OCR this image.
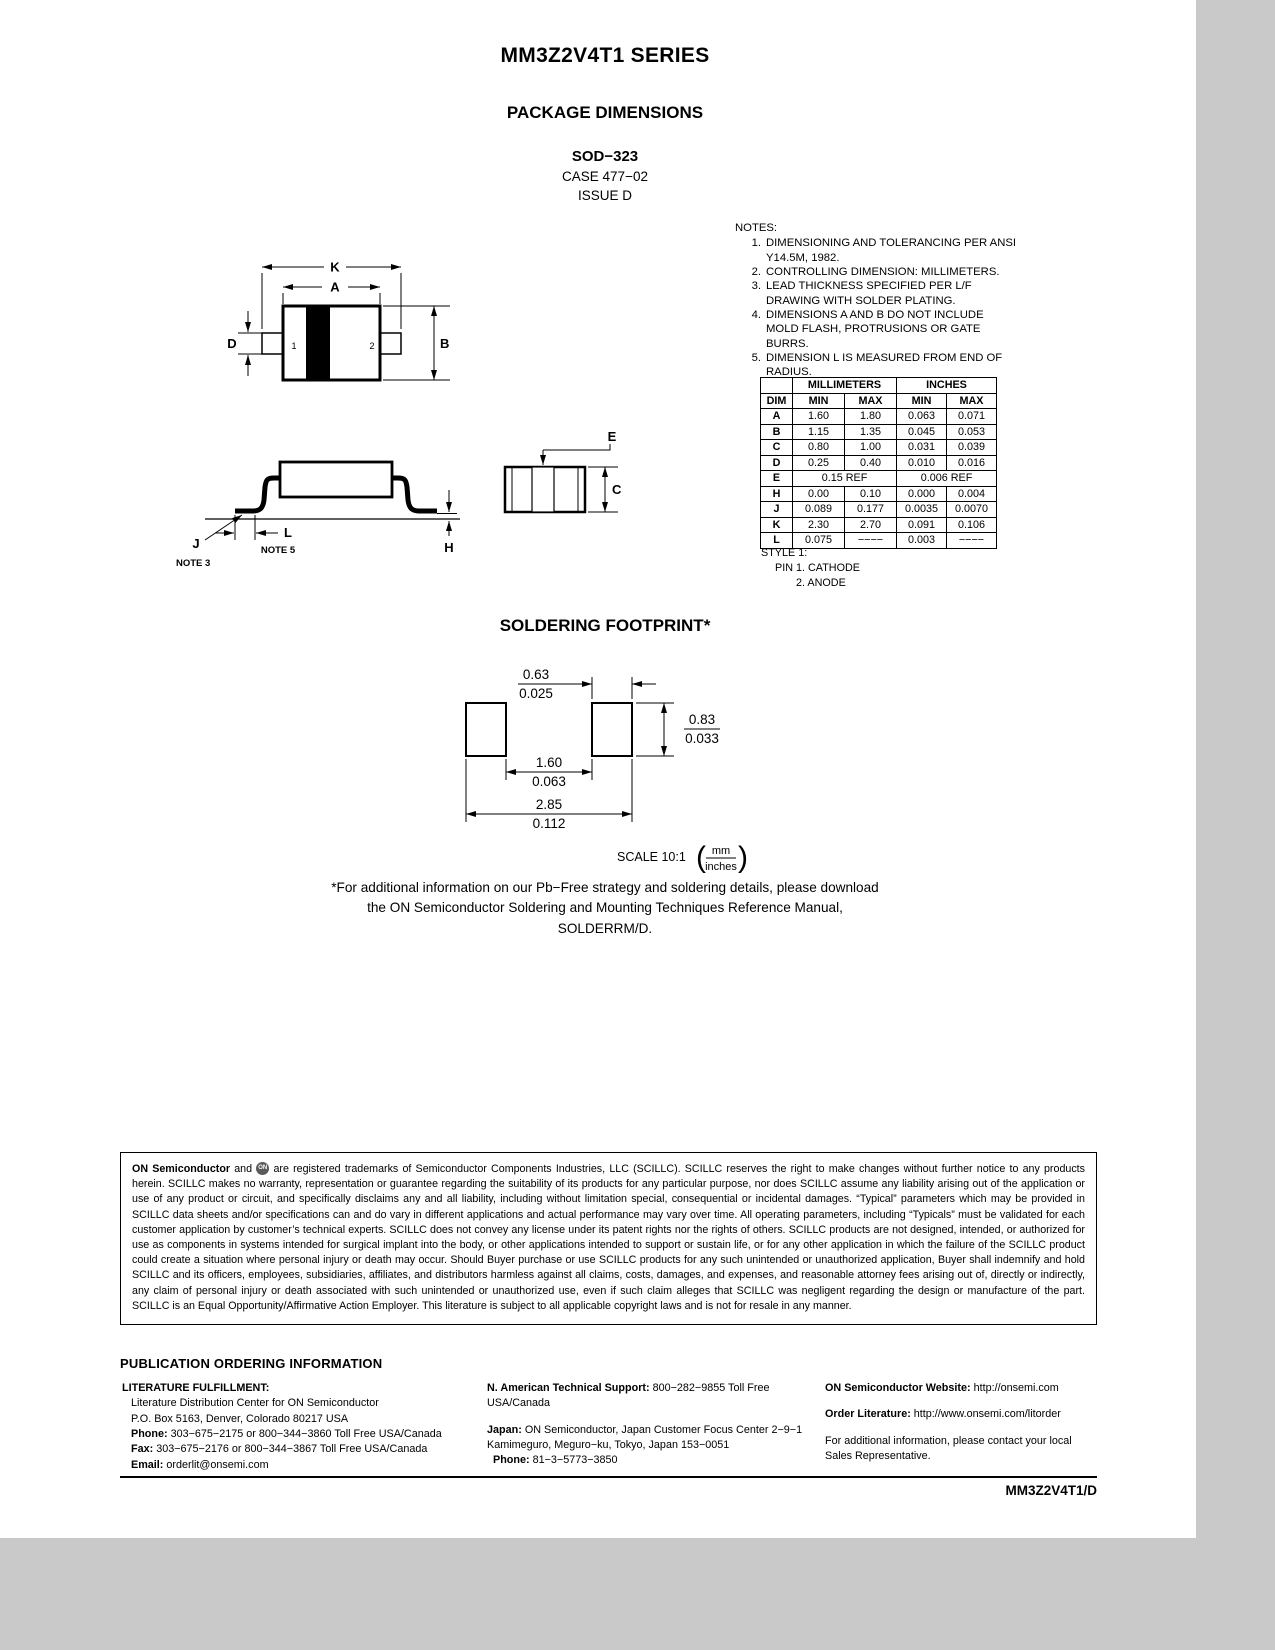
MM3Z2V4T1 SERIES
PACKAGE DIMENSIONS
SOD−323
CASE 477−02
ISSUE D
K
A
1	2
D	B
L
NOTE 5
J
NOTE 3
H
C
E
NOTES:
1. DIMENSIONING AND TOLERANCING PER ANSI Y14.5M, 1982.
2. CONTROLLING DIMENSION: MILLIMETERS.
3. LEAD THICKNESS SPECIFIED PER L/F DRAWING WITH SOLDER PLATING.
4. DIMENSIONS A AND B DO NOT INCLUDE MOLD FLASH, PROTRUSIONS OR GATE BURRS.
5. DIMENSION L IS MEASURED FROM END OF RADIUS.
	MILLIMETERS		INCHES	
DIM	MIN	MAX	MIN	MAX
A	1.60	1.80	0.063	0.071
B	1.15	1.35	0.045	0.053
C	0.80	1.00	0.031	0.039
D	0.25	0.40	0.010	0.016
E	0.15 REF		0.006 REF	
H	0.00	0.10	0.000	0.004
J	0.089	0.177	0.0035	0.0070
K	2.30	2.70	0.091	0.106
L	0.075	−−−−	0.003	−−−−
STYLE 1:
PIN 1. CATHODE
2. ANODE
SOLDERING FOOTPRINT*
0.63
0.025
0.83
0.033
1.60
0.063
2.85
0.112
SCALE 10:1 ( mm
inches )
*For additional information on our Pb−Free strategy and soldering details, please download the ON Semiconductor Soldering and Mounting Techniques Reference Manual, SOLDERRM/D.
ON Semiconductor and	ON are registered trademarks of Semiconductor Components Industries, LLC (SCILLC). SCILLC reserves the right to make changes without further notice to any products herein. SCILLC makes no warranty, representation or guarantee regarding the suitability of its products for any particular purpose, nor does SCILLC assume any liability arising out of the application or use of any product or circuit, and specifically disclaims any and all liability, including without limitation special, consequential or incidental damages. “Typical” parameters which may be provided in SCILLC data sheets and/or specifications can and do vary in different applications and actual performance may vary over time. All operating parameters, including “Typicals” must be validated for each customer application by customer’s technical experts. SCILLC does not convey any license under its patent rights nor the rights of others. SCILLC products are not designed, intended, or authorized for use as components in systems intended for surgical implant into the body, or other applications intended to support or sustain life, or for any other application in which the failure of the SCILLC product could create a situation where personal injury or death may occur. Should Buyer purchase or use SCILLC products for any such unintended or unauthorized application, Buyer shall indemnify and hold SCILLC and its officers, employees, subsidiaries, affiliates, and distributors harmless against all claims, costs, damages, and expenses, and reasonable attorney fees arising out of, directly or indirectly, any claim of personal injury or death associated with such unintended or unauthorized use, even if such claim alleges that SCILLC was negligent regarding the design or manufacture of the part. SCILLC is an Equal Opportunity/Affirmative Action Employer. This literature is subject to all applicable copyright laws and is not for resale in any manner.
PUBLICATION ORDERING INFORMATION
LITERATURE FULFILLMENT:
Literature Distribution Center for ON Semiconductor
P.O. Box 5163, Denver, Colorado 80217 USA
Phone: 303−675−2175 or 800−344−3860 Toll Free USA/Canada
Fax: 303−675−2176 or 800−344−3867 Toll Free USA/Canada
Email: orderlit@onsemi.com
N. American Technical Support: 800−282−9855 Toll Free USA/Canada
Japan: ON Semiconductor, Japan Customer Focus Center 2−9−1 Kamimeguro, Meguro−ku, Tokyo, Japan 153−0051
Phone: 81−3−5773−3850
ON Semiconductor Website: http://onsemi.com
Order Literature: http://www.onsemi.com/litorder
For additional information, please contact your local Sales Representative.
MM3Z2V4T1/D
